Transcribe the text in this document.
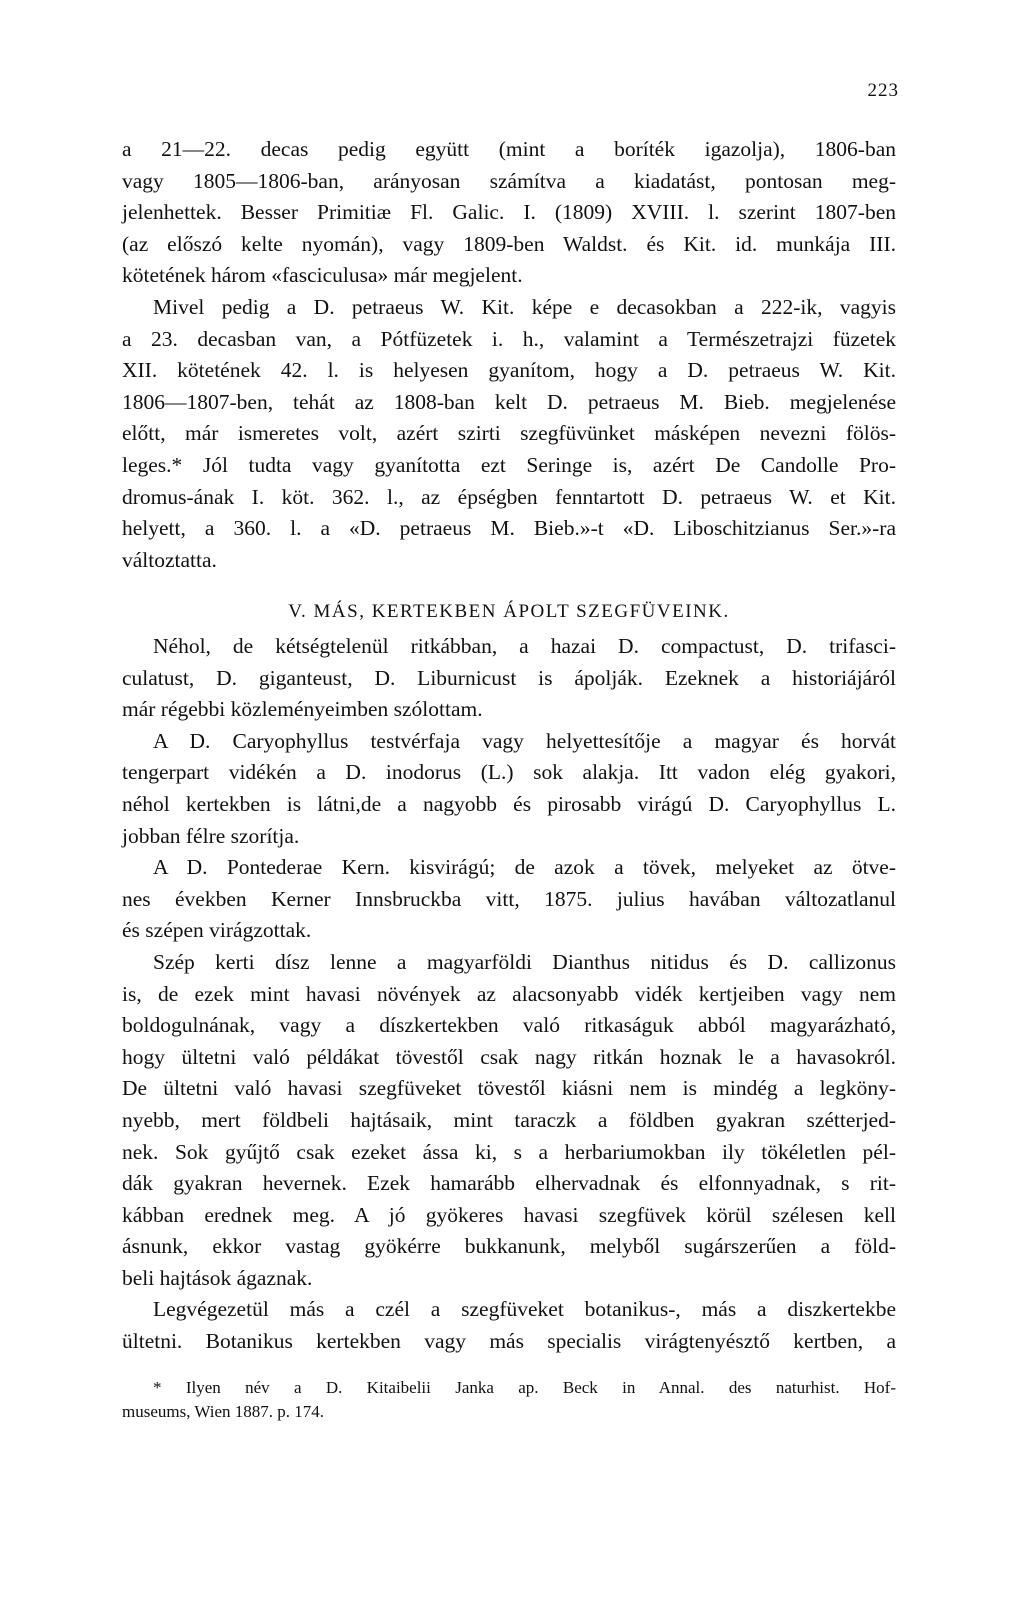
223
a 21—22. decas pedig együtt (mint a boríték igazolja), 1806-ban
vagy 1805—1806-ban, arányosan számítva a kiadatást, pontosan meg-
jelenhettek. Besser Primitiæ Fl. Galic. I. (1809) XVIII. l. szerint 1807-ben
(az előszó kelte nyomán), vagy 1809-ben Waldst. és Kit. id. munkája III.
kötetének három «fasciculusa» már megjelent.
Mivel pedig a D. petraeus W. Kit. képe e decasokban a 222-ik, vagyis
a 23. decasban van, a Pótfüzetek i. h., valamint a Természetrajzi füzetek
XII. kötetének 42. l. is helyesen gyanítom, hogy a D. petraeus W. Kit.
1806—1807-ben, tehát az 1808-ban kelt D. petraeus M. Bieb. megjelenése
előtt, már ismeretes volt, azért szirti szegfüvünket másképen nevezni fölös-
leges.* Jól tudta vagy gyanította ezt Seringe is, azért De Candolle Pro-
dromus-ának I. köt. 362. l., az épségben fenntartott D. petraeus W. et Kit.
helyett, a 360. l. a «D. petraeus M. Bieb.»-t «D. Liboschitzianus Ser.»-ra
változtatta.
V. MÁS, KERTEKBEN ÁPOLT SZEGFÜVEINK.
Néhol, de kétségtelenül ritkábban, a hazai D. compactust, D. trifasci-
culatust, D. giganteust, D. Liburnicust is ápolják. Ezeknek a historiájáról
már régebbi közleményeimben szólottam.
A D. Caryophyllus testvérfaja vagy helyettesítője a magyar és horvát
tengerpart vidékén a D. inodorus (L.) sok alakja. Itt vadon elég gyakori,
néhol kertekben is látni,de a nagyobb és pirosabb virágú D. Caryophyllus L.
jobban félre szorítja.
A D. Pontederae Kern. kisvirágú; de azok a tövek, melyeket az ötve-
nes években Kerner Innsbruckba vitt, 1875. julius havában változatlanul
és szépen virágzottak.
Szép kerti dísz lenne a magyarföldi Dianthus nitidus és D. callizonus
is, de ezek mint havasi növények az alacsonyabb vidék kertjeiben vagy nem
boldogulnának, vagy a díszkertekben való ritkaságuk abból magyarázható,
hogy ültetni való példákat tövestől csak nagy ritkán hoznak le a havasokról.
De ültetni való havasi szegfüveket tövestől kiásni nem is mindég a legköny-
nyebb, mert földbeli hajtásaik, mint taraczk a földben gyakran szétterjed-
nek. Sok gyűjtő csak ezeket ássa ki, s a herbariumokban ily tökéletlen pél-
dák gyakran hevernek. Ezek hamarább elhervadnak és elfonnyadnak, s rit-
kábban erednek meg. A jó gyökeres havasi szegfüvek körül szélesen kell
ásnunk, ekkor vastag gyökérre bukkanunk, melyből sugárszerűen a föld-
beli hajtások ágaznak.
Legvégezetül más a czél a szegfüveket botanikus-, más a diszkertekbe
ültetni. Botanikus kertekben vagy más specialis virágtenyésztő kertben, a
* Ilyen név a D. Kitaibelii Janka ap. Beck in Annal. des naturhist. Hof-
museums, Wien 1887. p. 174.
